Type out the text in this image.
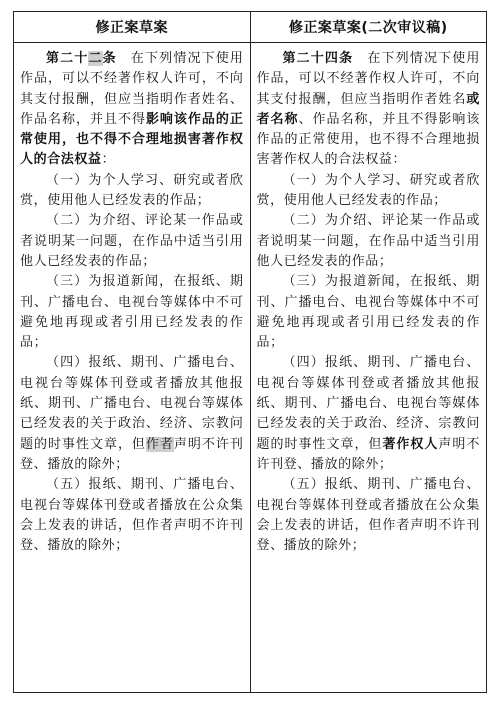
修正案草案	修正案草案(二次审议稿)

第二十二条　在下列情况下使用作品，可以不经著作权人许可，不向其支付报酬，但应当指明作者姓名、作品名称，并且不得影响该作品的正常使用，也不得不合理地损害著作权人的合法权益：

（一）为个人学习、研究或者欣赏，使用他人已经发表的作品；

（二）为介绍、评论某一作品或者说明某一问题，在作品中适当引用他人已经发表的作品；

（三）为报道新闻，在报纸、期刊、广播电台、电视台等媒体中不可避免地再现或者引用已经发表的作品；

（四）报纸、期刊、广播电台、电视台等媒体刊登或者播放其他报纸、期刊、广播电台、电视台等媒体已经发表的关于政治、经济、宗教问题的时事性文章，但作者声明不许刊登、播放的除外；

（五）报纸、期刊、广播电台、电视台等媒体刊登或者播放在公众集会上发表的讲话，但作者声明不许刊登、播放的除外；

第二十四条　在下列情况下使用作品，可以不经著作权人许可，不向其支付报酬，但应当指明作者姓名或者名称、作品名称，并且不得影响该作品的正常使用，也不得不合理地损害著作权人的合法权益：

（一）为个人学习、研究或者欣赏，使用他人已经发表的作品；

（二）为介绍、评论某一作品或者说明某一问题，在作品中适当引用他人已经发表的作品；

（三）为报道新闻，在报纸、期刊、广播电台、电视台等媒体中不可避免地再现或者引用已经发表的作品；

（四）报纸、期刊、广播电台、电视台等媒体刊登或者播放其他报纸、期刊、广播电台、电视台等媒体已经发表的关于政治、经济、宗教问题的时事性文章，但著作权人声明不许刊登、播放的除外；

（五）报纸、期刊、广播电台、电视台等媒体刊登或者播放在公众集会上发表的讲话，但作者声明不许刊登、播放的除外；
